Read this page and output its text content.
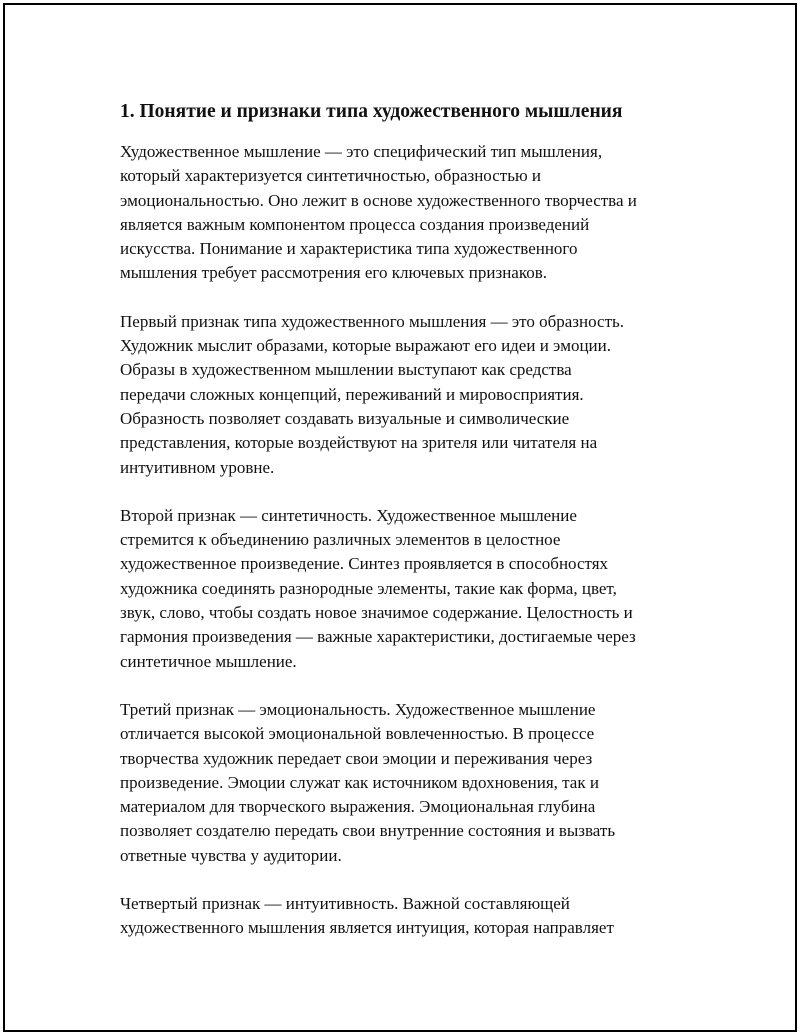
1. Понятие и признаки типа художественного мышления

Художественное мышление — это специфический тип мышления,
который характеризуется синтетичностью, образностью и
эмоциональностью. Оно лежит в основе художественного творчества и
является важным компонентом процесса создания произведений
искусства. Понимание и характеристика типа художественного
мышления требует рассмотрения его ключевых признаков.

Первый признак типа художественного мышления — это образность.
Художник мыслит образами, которые выражают его идеи и эмоции.
Образы в художественном мышлении выступают как средства
передачи сложных концепций, переживаний и мировосприятия.
Образность позволяет создавать визуальные и символические
представления, которые воздействуют на зрителя или читателя на
интуитивном уровне.

Второй признак — синтетичность. Художественное мышление
стремится к объединению различных элементов в целостное
художественное произведение. Синтез проявляется в способностях
художника соединять разнородные элементы, такие как форма, цвет,
звук, слово, чтобы создать новое значимое содержание. Целостность и
гармония произведения — важные характеристики, достигаемые через
синтетичное мышление.

Третий признак — эмоциональность. Художественное мышление
отличается высокой эмоциональной вовлеченностью. В процессе
творчества художник передает свои эмоции и переживания через
произведение. Эмоции служат как источником вдохновения, так и
материалом для творческого выражения. Эмоциональная глубина
позволяет создателю передать свои внутренние состояния и вызвать
ответные чувства у аудитории.

Четвертый признак — интуитивность. Важной составляющей
художественного мышления является интуиция, которая направляет
